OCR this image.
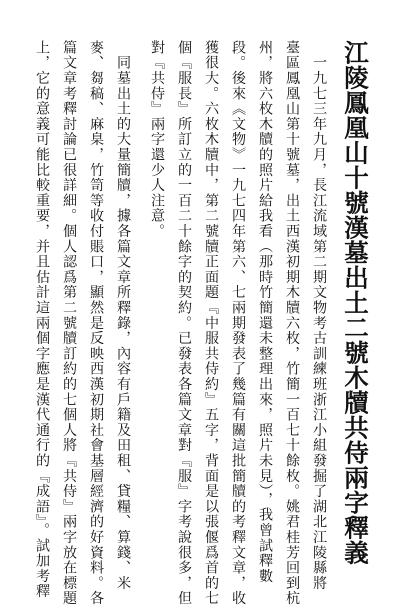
江陵鳳凰山十號漢墓出土二號木牘共侍兩字釋義
　一九七三年九月，長江流域第二期文物考古訓練班浙江小組發掘了湖北江陵縣將
臺區鳳凰山第十號墓，出土西漢初期木牘六枚，竹簡一百七十餘枚。姚君桂芳回到杭
州，將六枚木牘的照片給我看（那時竹簡還未整理出來，照片未見），我曾試釋數
段。後來《文物》一九七四年第六、七兩期發表了幾篇有關這批簡牘的考釋文章，收
獲很大。六枚木牘中，第二號牘正面題『中服共侍約』五字，背面是以張偃爲首的七
個『服長』所訂立的一百二十餘字的契約。已發表各篇文章對『服』字考說很多，但
對『共侍』兩字還少人注意。
　同墓出土的大量簡牘，據各篇文章所釋錄，內容有戶籍及田租、貸糧、算錢、米
麥、芻稿、麻臬，竹笥等收付賬口，顯然是反映西漢初期社會基層經濟的好資料。各
篇文章考釋討論已很詳細。個人認爲第二號牘訂約的七個人將『共侍』兩字放在標題
上，它的意義可能比較重要，并且估計這兩個字應是漢代通行的『成語』。試加考釋
